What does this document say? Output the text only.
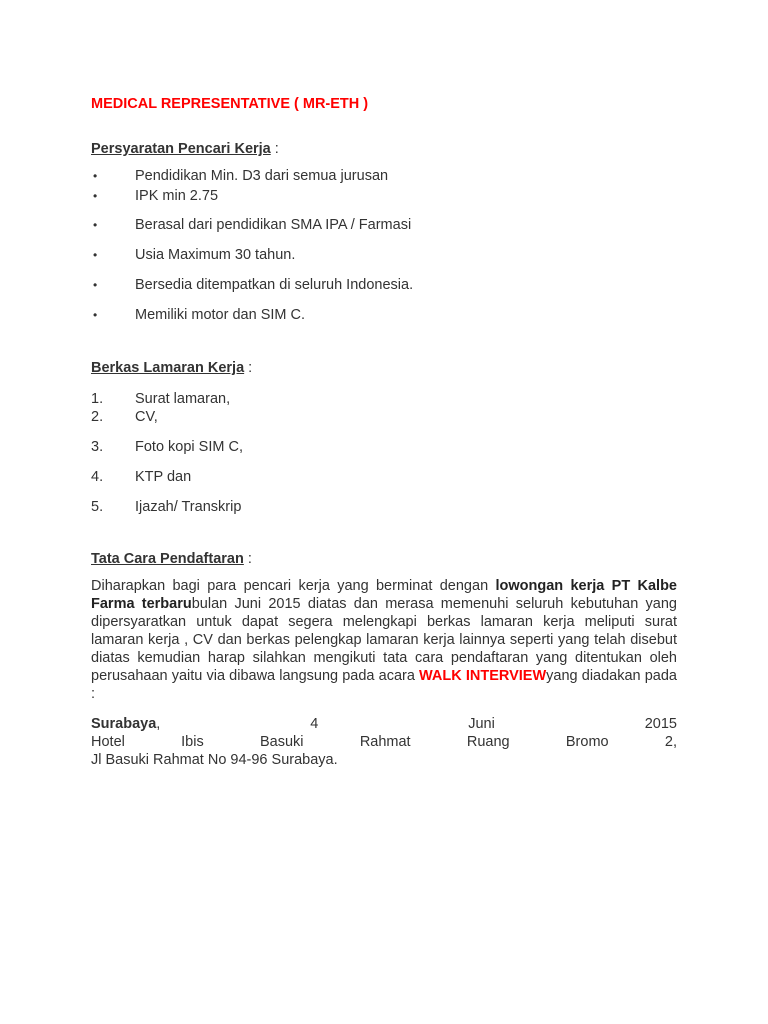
MEDICAL REPRESENTATIVE ( MR-ETH )
Persyaratan Pencari Kerja :
•	Pendidikan Min. D3 dari semua jurusan
•	IPK min 2.75
•	Berasal dari pendidikan SMA IPA / Farmasi
•	Usia Maximum 30 tahun.
•	Bersedia ditempatkan di seluruh Indonesia.
•	Memiliki motor dan SIM C.
Berkas Lamaran Kerja :
1.	Surat lamaran,
2.	CV,
3.	Foto kopi SIM C,
4.	KTP dan
5.	Ijazah/ Transkrip
Tata Cara Pendaftaran :
Diharapkan bagi para pencari kerja yang berminat dengan lowongan kerja PT Kalbe Farma terbarubulan Juni 2015 diatas dan merasa memenuhi seluruh kebutuhan yang dipersyaratkan untuk dapat segera melengkapi berkas lamaran kerja meliputi surat lamaran kerja , CV dan berkas pelengkap lamaran kerja lainnya seperti yang telah disebut diatas kemudian harap silahkan mengikuti tata cara pendaftaran yang ditentukan oleh perusahaan yaitu via dibawa langsung pada acara WALK INTERVIEWyang diadakan pada :
Surabaya,	4	Juni	2015
Hotel	Ibis	Basuki	Rahmat	Ruang	Bromo	2,
Jl Basuki Rahmat No 94-96 Surabaya.
